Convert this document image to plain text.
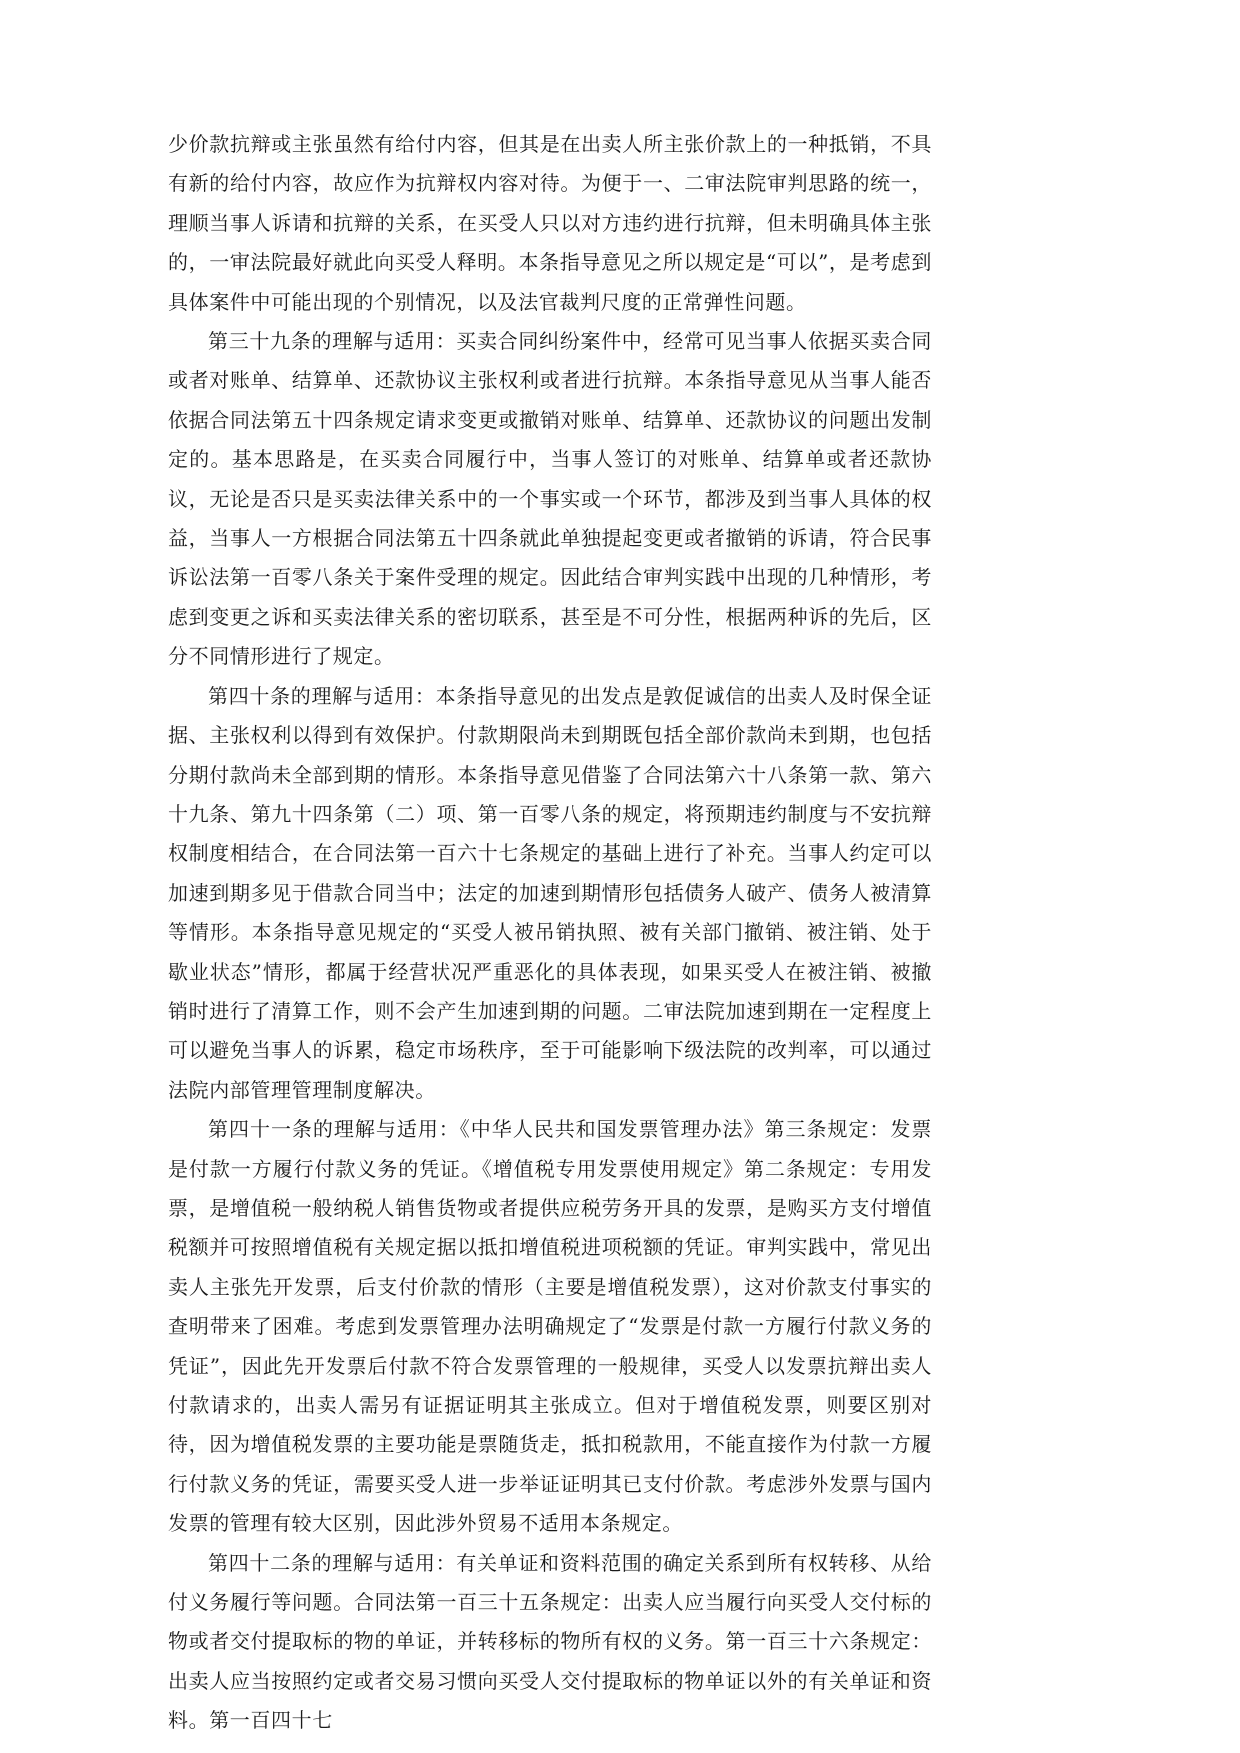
少价款抗辩或主张虽然有给付内容，但其是在出卖人所主张价款上的一种抵销，不具有新的给付内容，故应作为抗辩权内容对待。为便于一、二审法院审判思路的统一，理顺当事人诉请和抗辩的关系，在买受人只以对方违约进行抗辩，但未明确具体主张的，一审法院最好就此向买受人释明。本条指导意见之所以规定是“可以”，是考虑到具体案件中可能出现的个别情况，以及法官裁判尺度的正常弹性问题。

第三十九条的理解与适用：买卖合同纠纷案件中，经常可见当事人依据买卖合同或者对账单、结算单、还款协议主张权利或者进行抗辩。本条指导意见从当事人能否依据合同法第五十四条规定请求变更或撤销对账单、结算单、还款协议的问题出发制定的。基本思路是，在买卖合同履行中，当事人签订的对账单、结算单或者还款协议，无论是否只是买卖法律关系中的一个事实或一个环节，都涉及到当事人具体的权益，当事人一方根据合同法第五十四条就此单独提起变更或者撤销的诉请，符合民事诉讼法第一百零八条关于案件受理的规定。因此结合审判实践中出现的几种情形，考虑到变更之诉和买卖法律关系的密切联系，甚至是不可分性，根据两种诉的先后，区分不同情形进行了规定。

第四十条的理解与适用：本条指导意见的出发点是敦促诚信的出卖人及时保全证据、主张权利以得到有效保护。付款期限尚未到期既包括全部价款尚未到期，也包括分期付款尚未全部到期的情形。本条指导意见借鉴了合同法第六十八条第一款、第六十九条、第九十四条第（二）项、第一百零八条的规定，将预期违约制度与不安抗辩权制度相结合，在合同法第一百六十七条规定的基础上进行了补充。当事人约定可以加速到期多见于借款合同当中；法定的加速到期情形包括债务人破产、债务人被清算等情形。本条指导意见规定的“买受人被吊销执照、被有关部门撤销、被注销、处于歇业状态”情形，都属于经营状况严重恶化的具体表现，如果买受人在被注销、被撤销时进行了清算工作，则不会产生加速到期的问题。二审法院加速到期在一定程度上可以避免当事人的诉累，稳定市场秩序，至于可能影响下级法院的改判率，可以通过法院内部管理管理制度解决。

第四十一条的理解与适用：《中华人民共和国发票管理办法》第三条规定：发票是付款一方履行付款义务的凭证。《增值税专用发票使用规定》第二条规定：专用发票，是增值税一般纳税人销售货物或者提供应税劳务开具的发票，是购买方支付增值税额并可按照增值税有关规定据以抵扣增值税进项税额的凭证。审判实践中，常见出卖人主张先开发票，后支付价款的情形（主要是增值税发票），这对价款支付事实的查明带来了困难。考虑到发票管理办法明确规定了“发票是付款一方履行付款义务的凭证”，因此先开发票后付款不符合发票管理的一般规律，买受人以发票抗辩出卖人付款请求的，出卖人需另有证据证明其主张成立。但对于增值税发票，则要区别对待，因为增值税发票的主要功能是票随货走，抵扣税款用，不能直接作为付款一方履行付款义务的凭证，需要买受人进一步举证证明其已支付价款。考虑涉外发票与国内发票的管理有较大区别，因此涉外贸易不适用本条规定。

第四十二条的理解与适用：有关单证和资料范围的确定关系到所有权转移、从给付义务履行等问题。合同法第一百三十五条规定：出卖人应当履行向买受人交付标的物或者交付提取标的物的单证，并转移标的物所有权的义务。第一百三十六条规定：出卖人应当按照约定或者交易习惯向买受人交付提取标的物单证以外的有关单证和资料。第一百四十七
